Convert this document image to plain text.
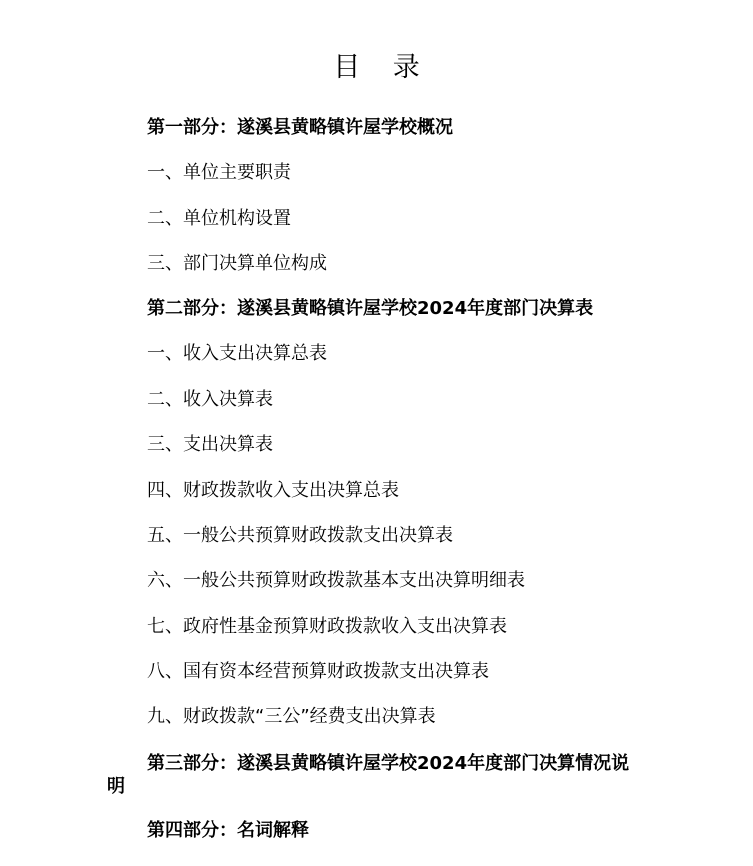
目 录
第一部分：遂溪县黄略镇许屋学校概况
一、单位主要职责
二、单位机构设置
三、部门决算单位构成
第二部分：遂溪县黄略镇许屋学校2024年度部门决算表
一、收入支出决算总表
二、收入决算表
三、支出决算表
四、财政拨款收入支出决算总表
五、一般公共预算财政拨款支出决算表
六、一般公共预算财政拨款基本支出决算明细表
七、政府性基金预算财政拨款收入支出决算表
八、国有资本经营预算财政拨款支出决算表
九、财政拨款“三公”经费支出决算表
第三部分：遂溪县黄略镇许屋学校2024年度部门决算情况说明
第四部分：名词解释
